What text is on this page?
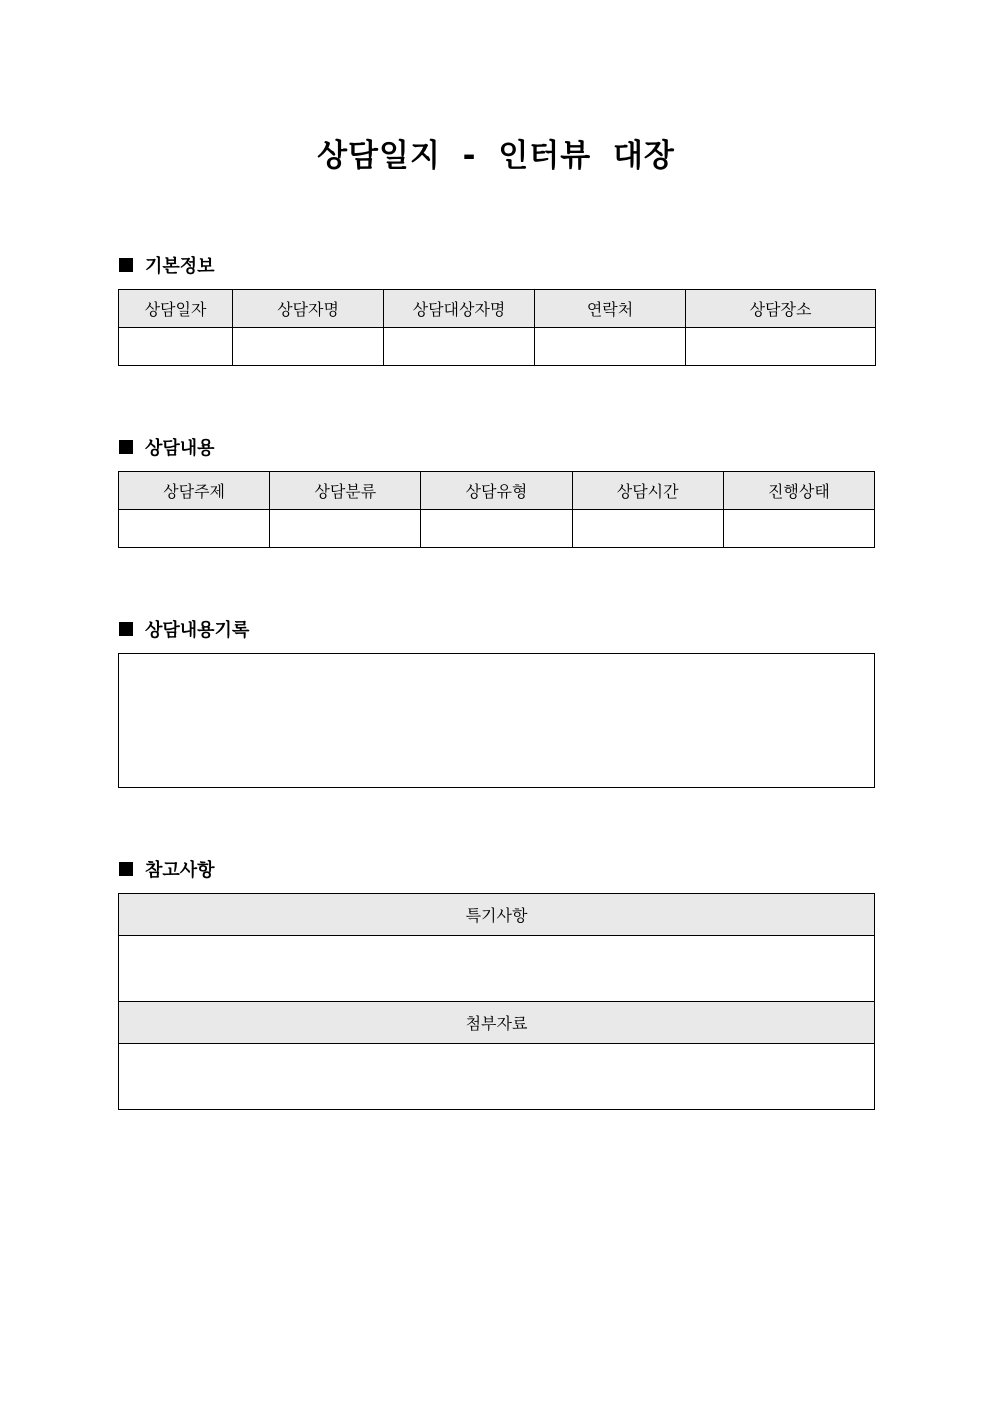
상담일지 - 인터뷰 대장
기본정보
상담일자	상담자명	상담대상자명	연락처	상담장소

상담내용
상담주제	상담분류	상담유형	상담시간	진행상태

상담내용기록
참고사항
특기사항

첨부자료
